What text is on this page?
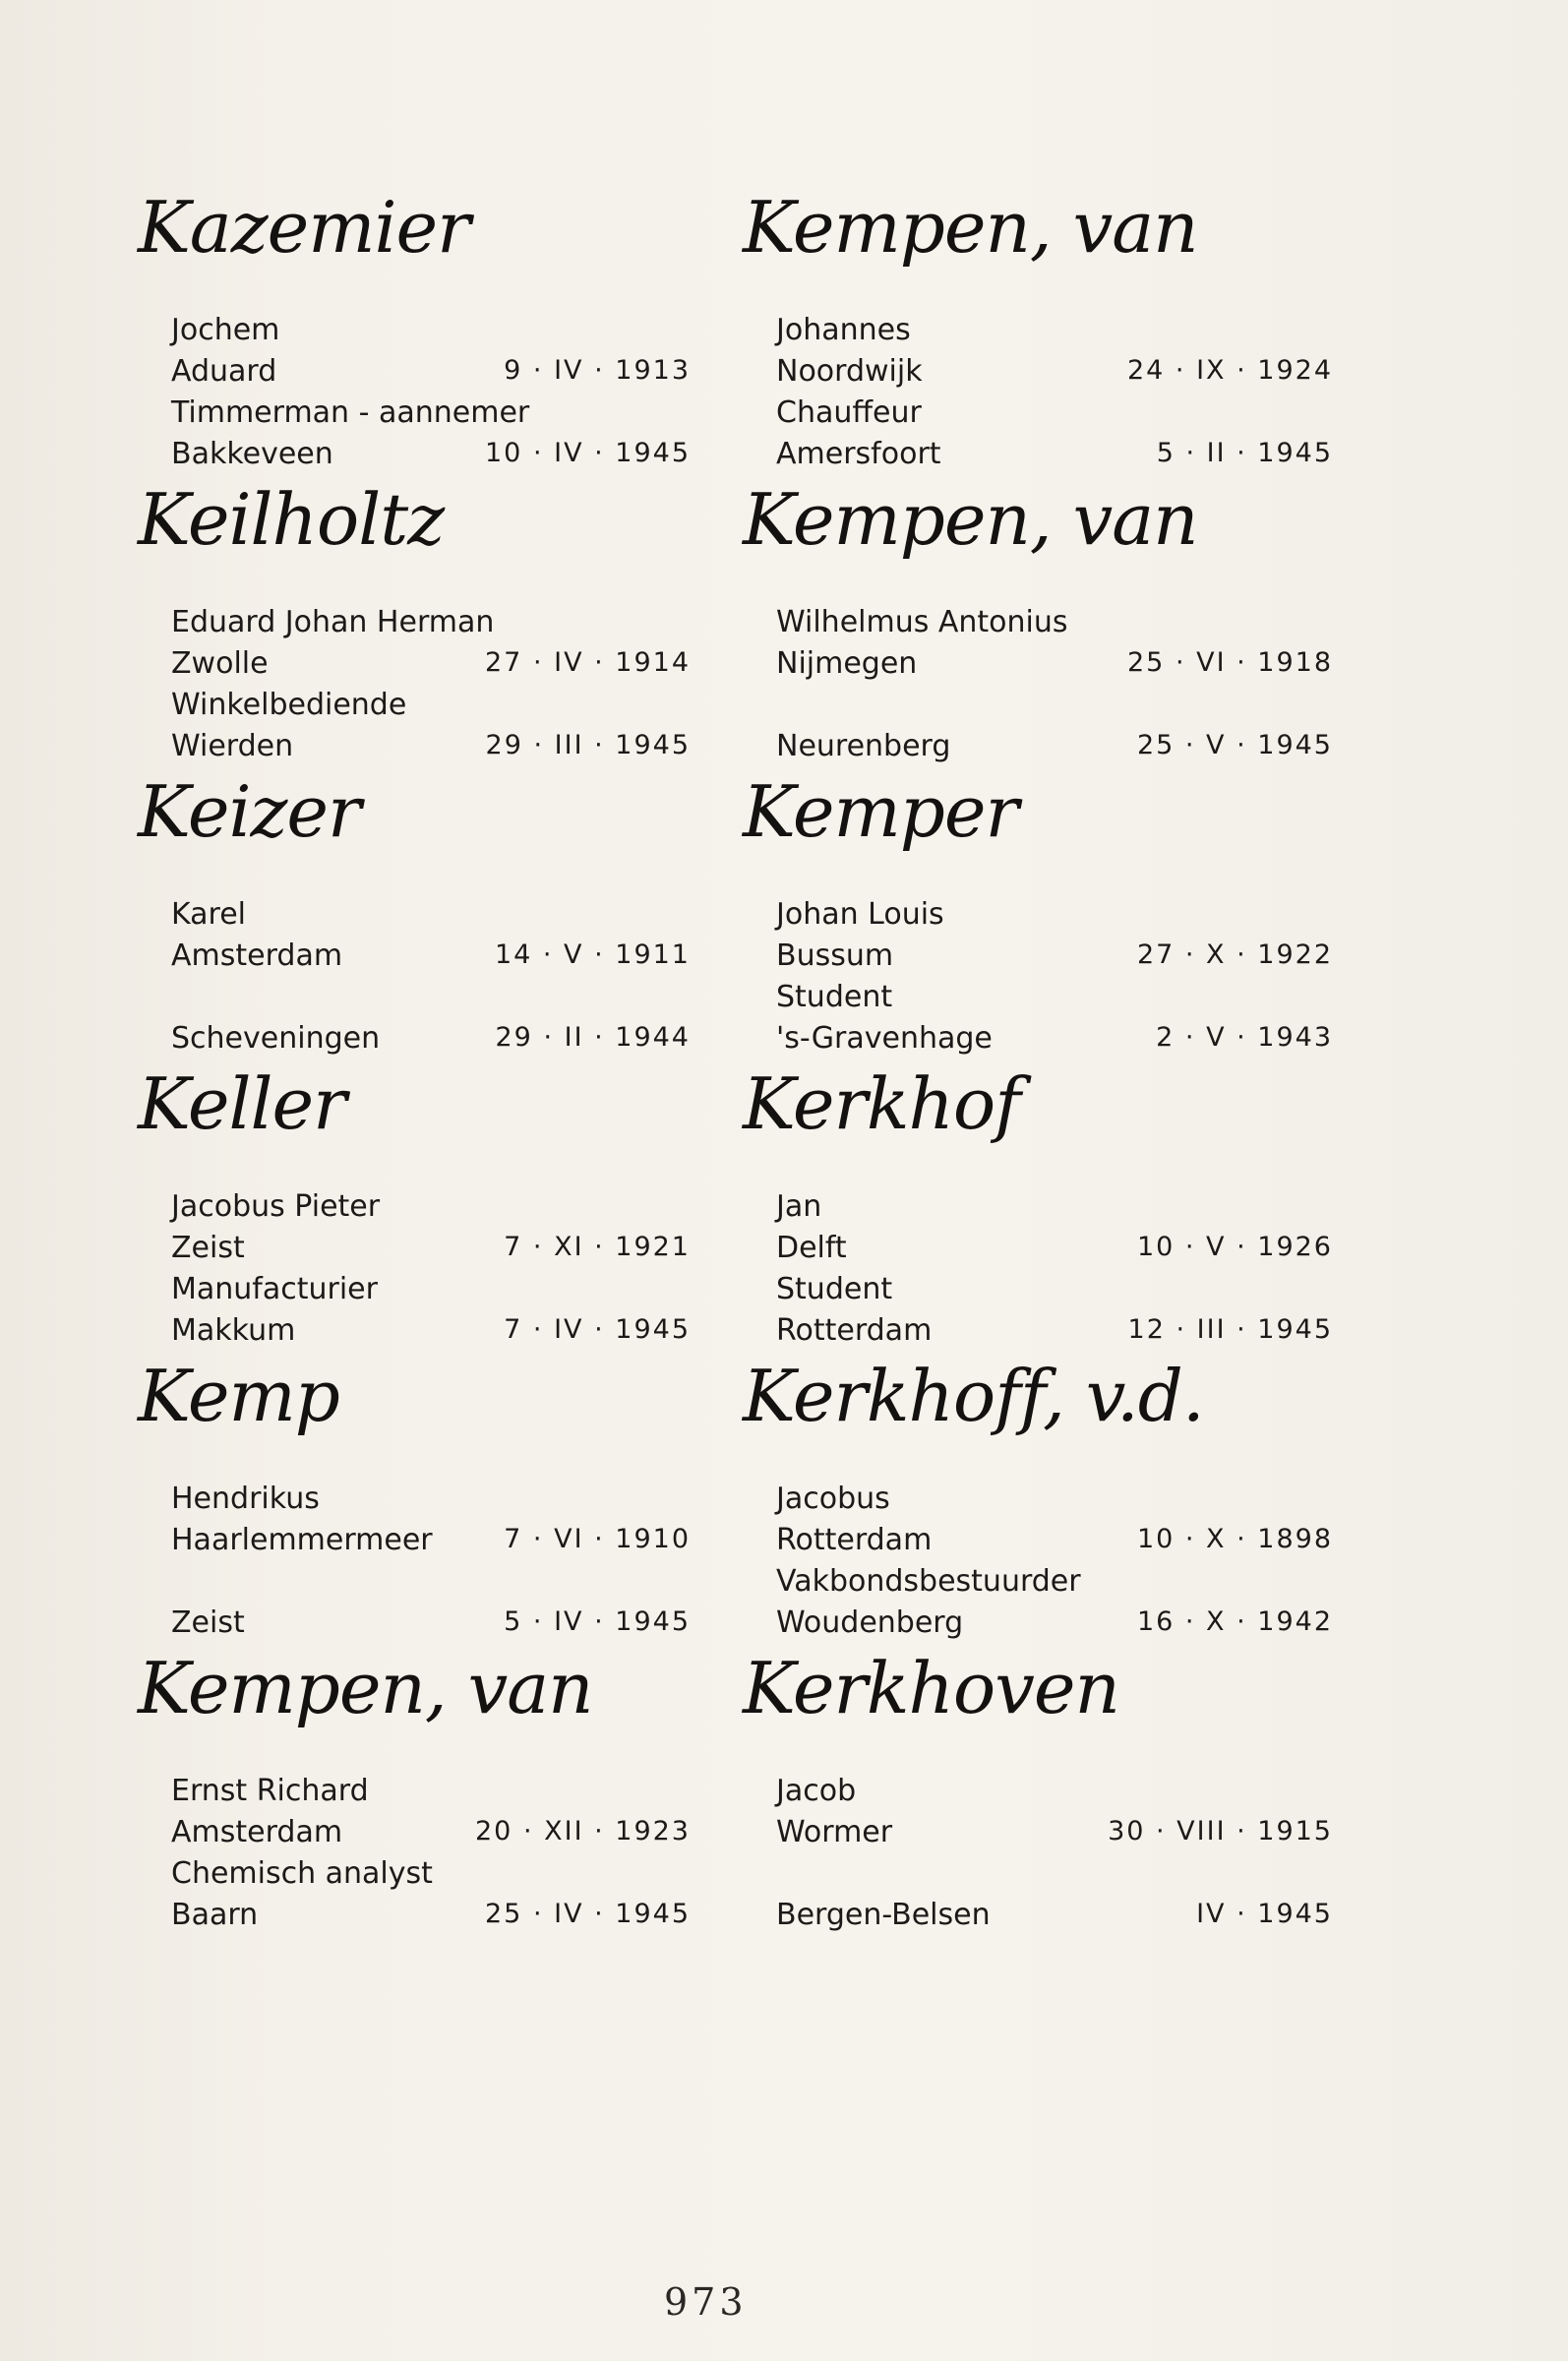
Kazemier
Jochem
Aduard	9 · IV · 1913
Timmerman - aannemer
Bakkeveen	10 · IV · 1945
Keilholtz
Eduard Johan Herman
Zwolle	27 · IV · 1914
Winkelbediende
Wierden	29 · III · 1945
Keizer
Karel
Amsterdam	14 · V · 1911
Scheveningen	29 · II · 1944
Keller
Jacobus Pieter
Zeist	7 · XI · 1921
Manufacturier
Makkum	7 · IV · 1945
Kemp
Hendrikus
Haarlemmermeer	7 · VI · 1910
Zeist	5 · IV · 1945
Kempen, van
Ernst Richard
Amsterdam	20 · XII · 1923
Chemisch analyst
Baarn	25 · IV · 1945
Kempen, van
Johannes
Noordwijk	24 · IX · 1924
Chauffeur
Amersfoort	5 · II · 1945
Kempen, van
Wilhelmus Antonius
Nijmegen	25 · VI · 1918
Neurenberg	25 · V · 1945
Kemper
Johan Louis
Bussum	27 · X · 1922
Student
's-Gravenhage	2 · V · 1943
Kerkhof
Jan
Delft	10 · V · 1926
Student
Rotterdam	12 · III · 1945
Kerkhoff, v.d.
Jacobus
Rotterdam	10 · X · 1898
Vakbondsbestuurder
Woudenberg	16 · X · 1942
Kerkhoven
Jacob
Wormer	30 · VIII · 1915
Bergen-Belsen	IV · 1945
973
